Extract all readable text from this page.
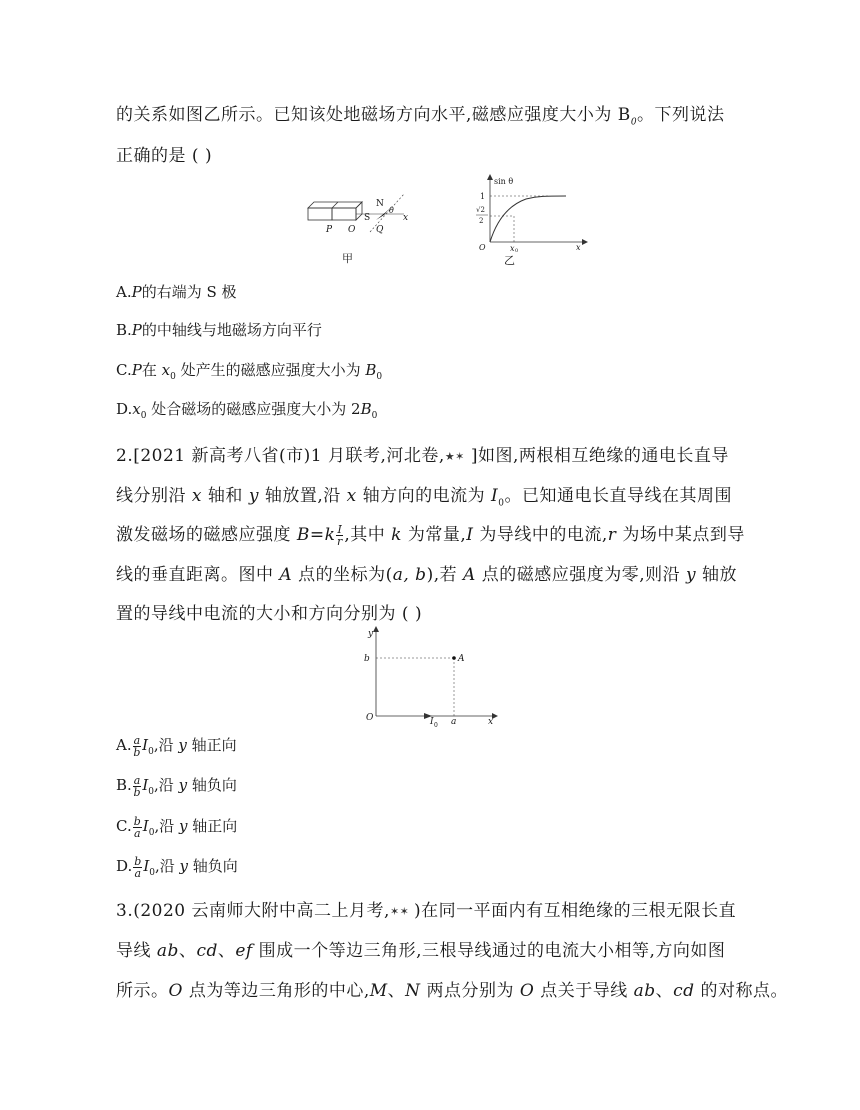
的关系如图乙所示。已知该处地磁场方向水平,磁感应强度大小为 $B_0$。下列说法
正确的是 ( )
P O
S
N
Q
θ
x
甲
sin θ
1
√2
2
O	x 0	x
乙
A.P的右端为 S 极
B.P的中轴线与地磁场方向平行
C.P在 $x_0$ 处产生的磁感应强度大小为 $B_0$
$D.x_0$ 处合磁场的磁感应强度大小为 $2B_0$
2.[2021 新高考八省(市)1 月联考,河北卷,★✶ ]如图,两根相互绝缘的通电长直导
线分别沿 x 轴和 y 轴放置,沿 x 轴方向的电流为 $I_0$。已知通电长直导线在其周围
激发磁场的磁感应强度 $B=k \frac{I}{r}$ ,其中 k 为常量,I 为导线中的电流,r 为场中某点到导
线的垂直距离。图中 A 点的坐标为(a, b),若 A 点的磁感应强度为零,则沿 y 轴放
置的导线中电流的大小和方向分别为 ( )
y
b	A
O	I 0 a	x
A. $\frac{a}{b} I_0$,沿 y 轴正向
B. $\frac{a}{b} I_0$,沿 y 轴负向
C. $\frac{b}{a} I_0$,沿 y 轴正向
D. $\frac{b}{a} I_0$,沿 y 轴负向
3.(2020 云南师大附中高二上月考,✶✶ )在同一平面内有互相绝缘的三根无限长直
导线 ab、cd、ef 围成一个等边三角形,三根导线通过的电流大小相等,方向如图
所示。O 点为等边三角形的中心,M、N 两点分别为 O 点关于导线 ab、cd 的对称点。
